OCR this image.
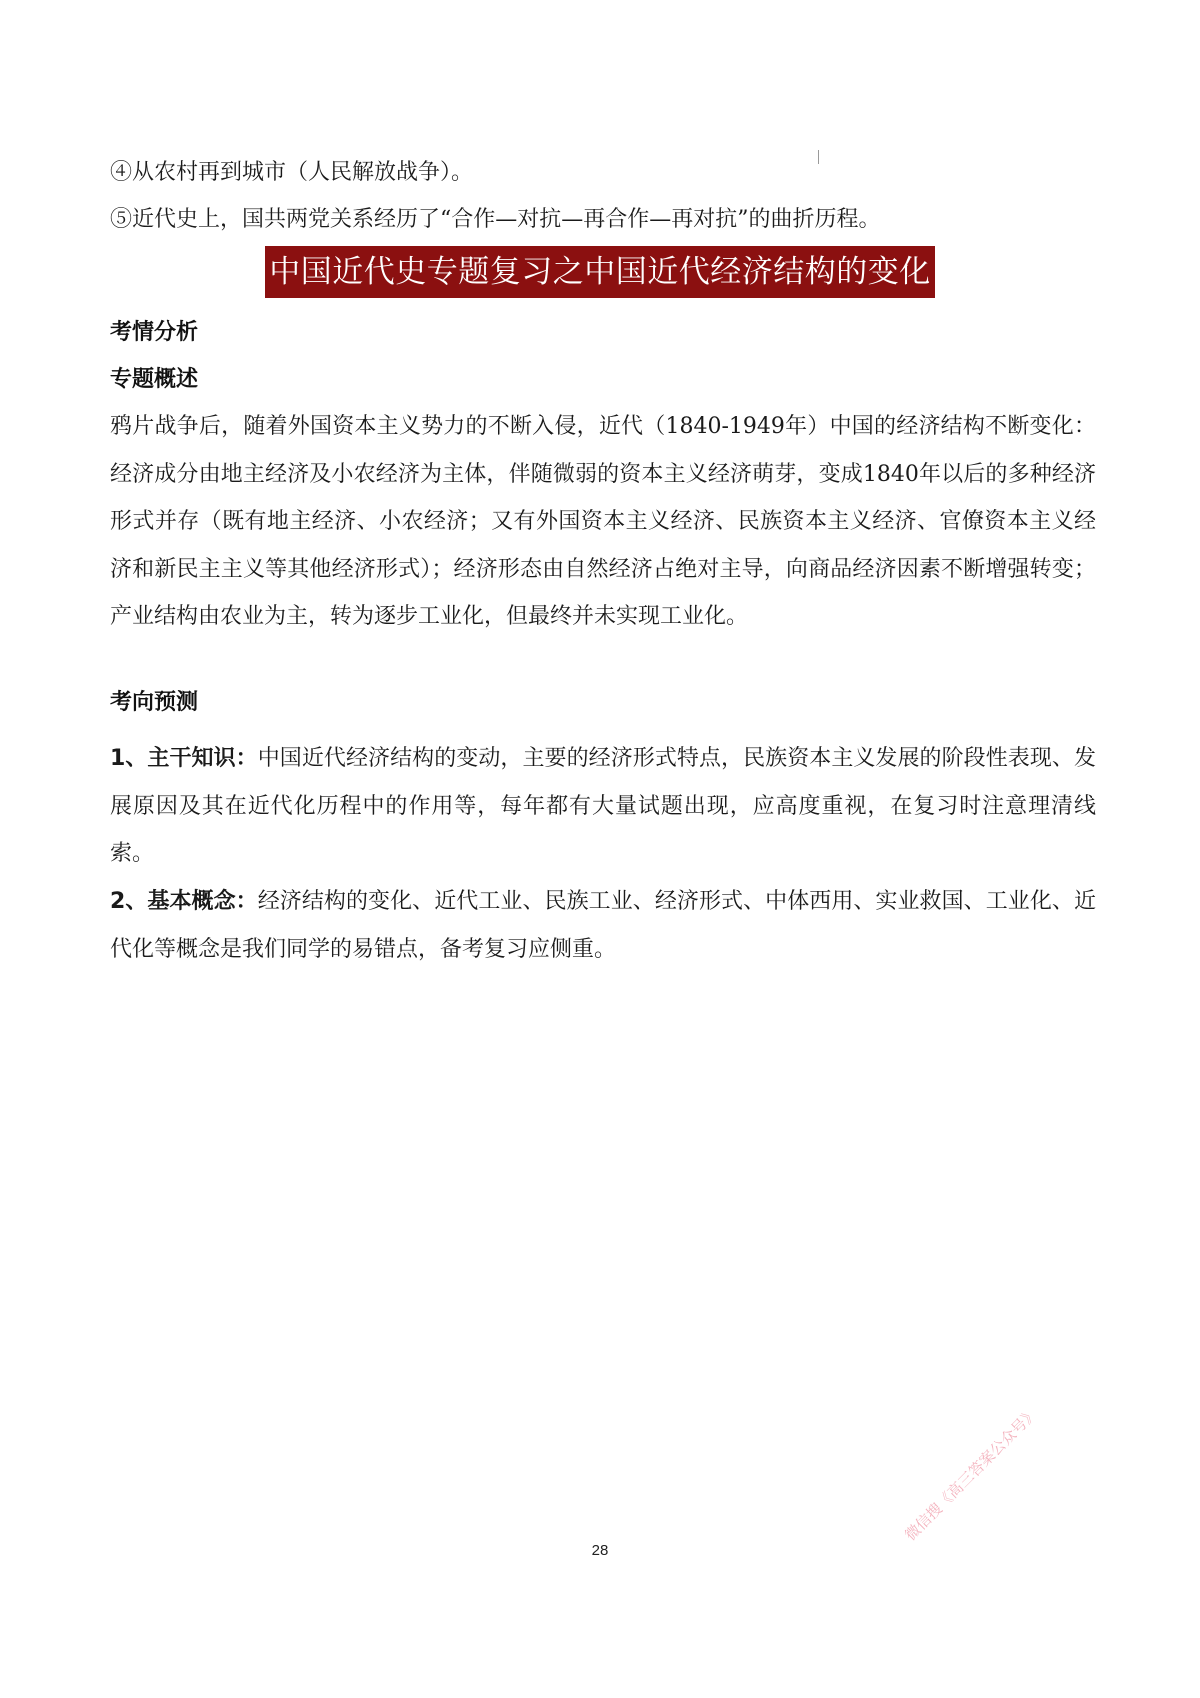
④从农村再到城市（人民解放战争）。
⑤近代史上，国共两党关系经历了“合作—对抗—再合作—再对抗”的曲折历程。
中国近代史专题复习之中国近代经济结构的变化
考情分析
专题概述
鸦片战争后，随着外国资本主义势力的不断入侵，近代（1840-1949年）中国的经济结构不断变化：经济成分由地主经济及小农经济为主体，伴随微弱的资本主义经济萌芽，变成1840年以后的多种经济形式并存（既有地主经济、小农经济；又有外国资本主义经济、民族资本主义经济、官僚资本主义经济和新民主主义等其他经济形式）；经济形态由自然经济占绝对主导，向商品经济因素不断增强转变；产业结构由农业为主，转为逐步工业化，但最终并未实现工业化。
考向预测
1、主干知识：中国近代经济结构的变动，主要的经济形式特点，民族资本主义发展的阶段性表现、发展原因及其在近代化历程中的作用等，每年都有大量试题出现，应高度重视，在复习时注意理清线索。
2、基本概念：经济结构的变化、近代工业、民族工业、经济形式、中体西用、实业救国、工业化、近代化等概念是我们同学的易错点，备考复习应侧重。
28
微信搜《高三答案公众号》
